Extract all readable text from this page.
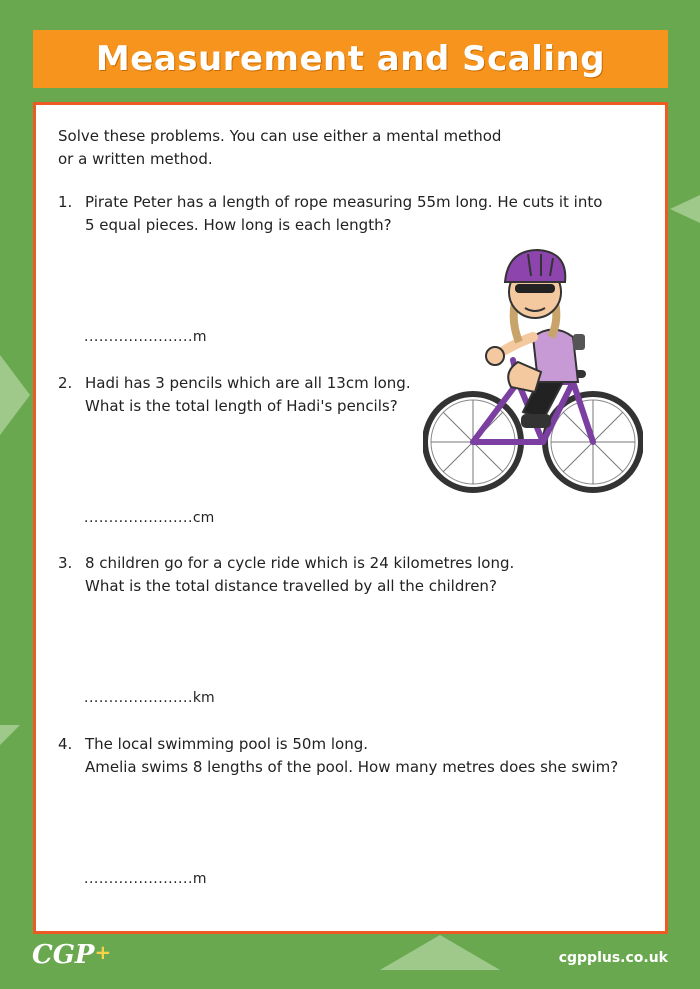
Measurement and Scaling
Solve these problems. You can use either a mental method
or a written method.
1. Pirate Peter has a length of rope measuring 55m long. He cuts it into
5 equal pieces. How long is each length?
......................m
2. Hadi has 3 pencils which are all 13cm long.
What is the total length of Hadi's pencils?
......................cm
3. 8 children go for a cycle ride which is 24 kilometres long.
What is the total distance travelled by all the children?
......................km
4. The local swimming pool is 50m long.
Amelia swims 8 lengths of the pool. How many metres does she swim?
......................m
CGP+	cgpplus.co.uk
